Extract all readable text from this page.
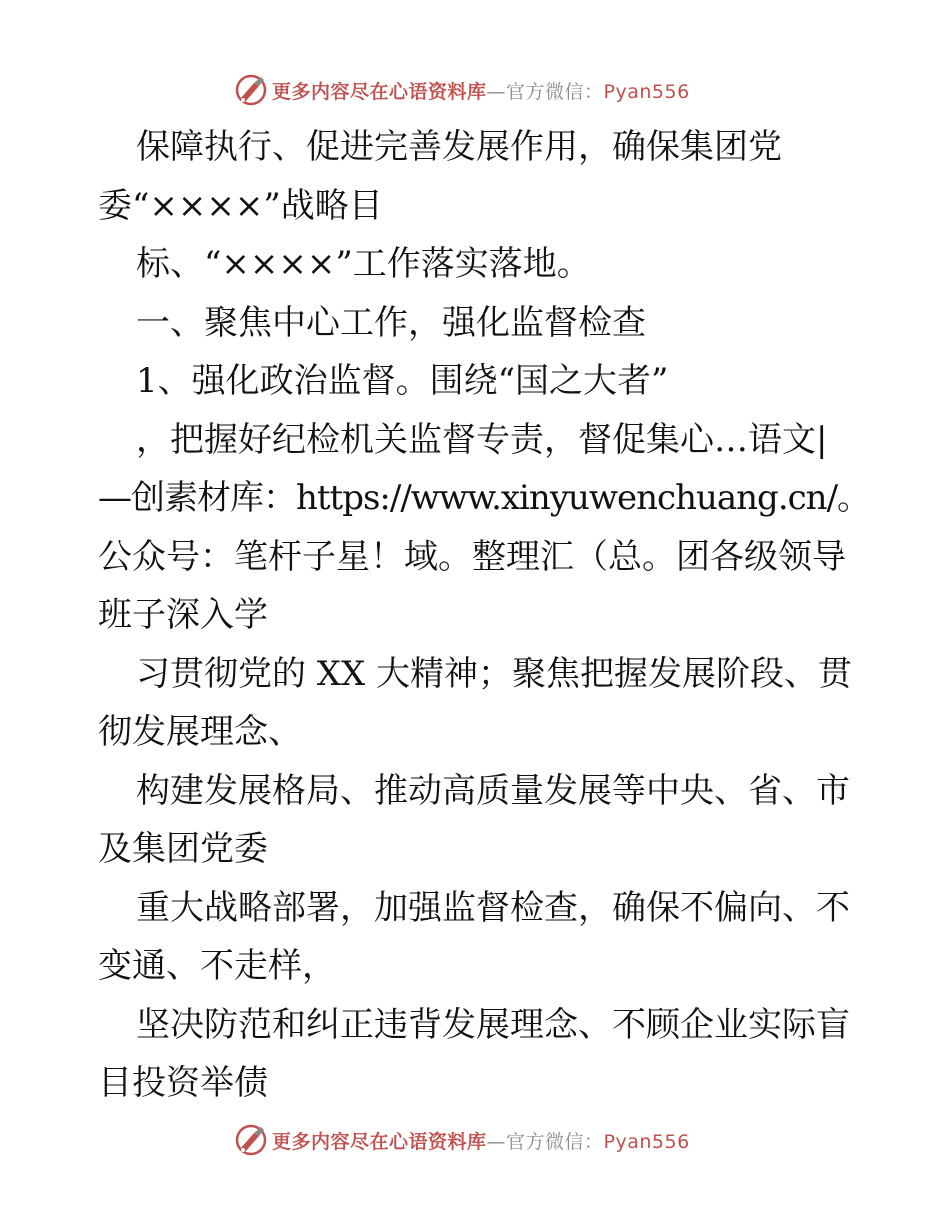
更多内容尽在心语资料库—官方微信：Pyan556
保障执行、促进完善发展作用，确保集团党
委“××××”战略目
标、“××××”工作落实落地。
一、聚焦中心工作，强化监督检查
1、强化政治监督。围绕“国之大者”
，把握好纪检机关监督专责，督促集心…语文|
—创素材库：https://www.xinyuwenchuang.cn/。
公众号：笔杆子星！域。整理汇（总。团各级领导
班子深入学
习贯彻党的 XX 大精神；聚焦把握发展阶段、贯
彻发展理念、
构建发展格局、推动高质量发展等中央、省、市
及集团党委
重大战略部署，加强监督检查，确保不偏向、不
变通、不走样，
坚决防范和纠正违背发展理念、不顾企业实际盲
目投资举债
更多内容尽在心语资料库—官方微信：Pyan556
